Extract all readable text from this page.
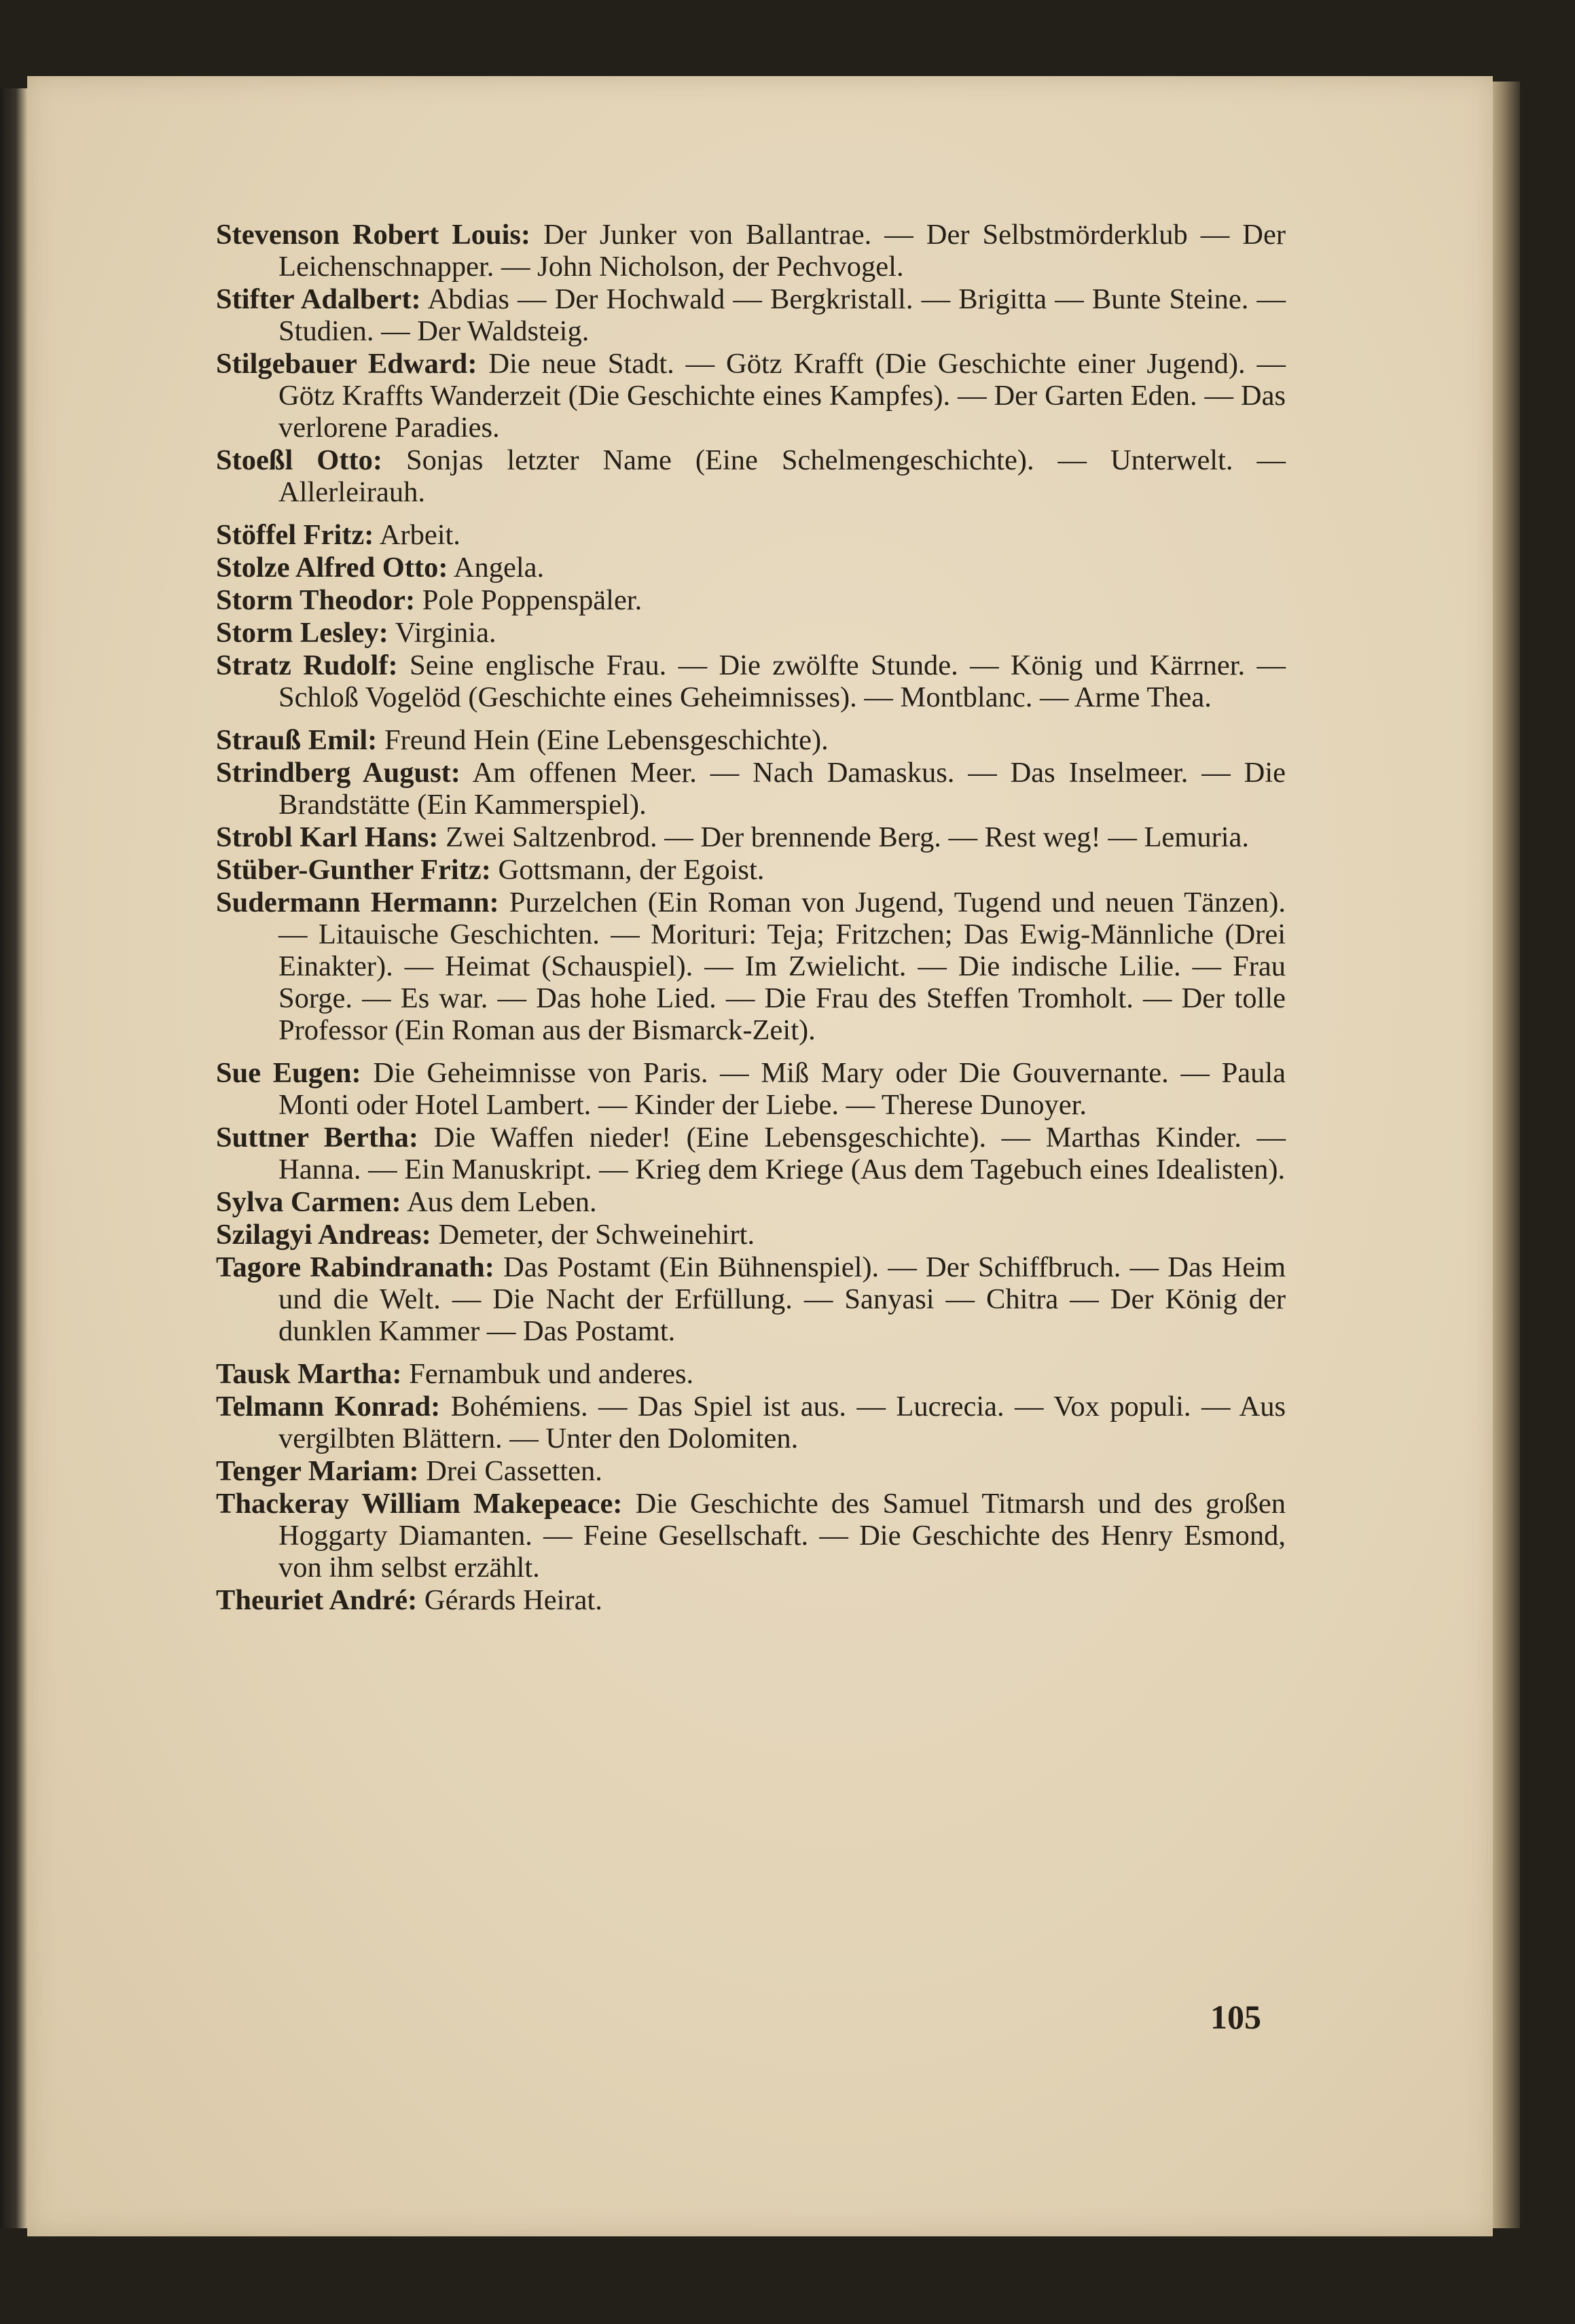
Stevenson Robert Louis: Der Junker von Ballantrae. — Der Selbstmörderklub — Der Leichenschnapper. — John Nicholson, der Pechvogel.

Stifter Adalbert: Abdias — Der Hochwald — Bergkristall. — Brigitta — Bunte Steine. — Studien. — Der Waldsteig.

Stilgebauer Edward: Die neue Stadt. — Götz Krafft (Die Geschichte einer Jugend). — Götz Kraffts Wanderzeit (Die Geschichte eines Kampfes). — Der Garten Eden. — Das verlorene Paradies.

Stoeßl Otto: Sonjas letzter Name (Eine Schelmengeschichte). — Unterwelt. — Allerleirauh.

Stöffel Fritz: Arbeit.

Stolze Alfred Otto: Angela.

Storm Theodor: Pole Poppenspäler.

Storm Lesley: Virginia.

Stratz Rudolf: Seine englische Frau. — Die zwölfte Stunde. — König und Kärrner. — Schloß Vogelöd (Geschichte eines Geheimnisses). — Montblanc. — Arme Thea.

Strauß Emil: Freund Hein (Eine Lebensgeschichte).

Strindberg August: Am offenen Meer. — Nach Damaskus. — Das Inselmeer. — Die Brandstätte (Ein Kammerspiel).

Strobl Karl Hans: Zwei Saltzenbrod. — Der brennende Berg. — Rest weg! — Lemuria.

Stüber-Gunther Fritz: Gottsmann, der Egoist.

Sudermann Hermann: Purzelchen (Ein Roman von Jugend, Tugend und neuen Tänzen). — Litauische Geschichten. — Morituri: Teja; Fritzchen; Das Ewig-Männliche (Drei Einakter). — Heimat (Schauspiel). — Im Zwielicht. — Die indische Lilie. — Frau Sorge. — Es war. — Das hohe Lied. — Die Frau des Steffen Tromholt. — Der tolle Professor (Ein Roman aus der Bismarck-Zeit).

Sue Eugen: Die Geheimnisse von Paris. — Miß Mary oder Die Gouvernante. — Paula Monti oder Hotel Lambert. — Kinder der Liebe. — Therese Dunoyer.

Suttner Bertha: Die Waffen nieder! (Eine Lebensgeschichte). — Marthas Kinder. — Hanna. — Ein Manuskript. — Krieg dem Kriege (Aus dem Tagebuch eines Idealisten).

Sylva Carmen: Aus dem Leben.

Szilagyi Andreas: Demeter, der Schweinehirt.

Tagore Rabindranath: Das Postamt (Ein Bühnenspiel). — Der Schiffbruch. — Das Heim und die Welt. — Die Nacht der Erfüllung. — Sanyasi — Chitra — Der König der dunklen Kammer — Das Postamt.

Tausk Martha: Fernambuk und anderes.

Telmann Konrad: Bohémiens. — Das Spiel ist aus. — Lucrecia. — Vox populi. — Aus vergilbten Blättern. — Unter den Dolomiten.

Tenger Mariam: Drei Cassetten.

Thackeray William Makepeace: Die Geschichte des Samuel Titmarsh und des großen Hoggarty Diamanten. — Feine Gesellschaft. — Die Geschichte des Henry Esmond, von ihm selbst erzählt.

Theuriet André: Gérards Heirat.

105
